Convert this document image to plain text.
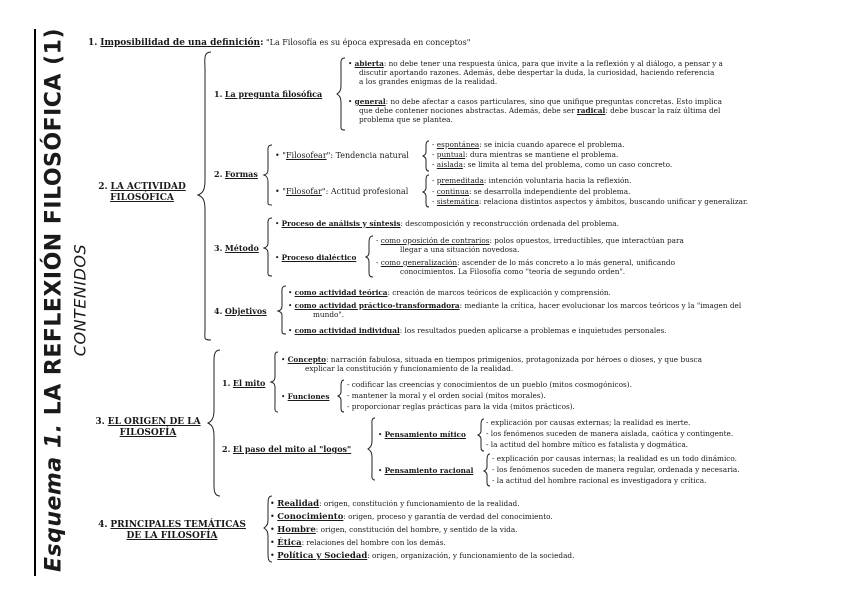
Esquema 1. LA REFLEXIÓN FILOSÓFICA (1) CONTENIDOS
1. Imposibilidad de una definición: "La Filosofía es su época expresada en conceptos"
2. LA ACTIVIDAD
FILOSÓFICA
1. La pregunta filosófica
• abierta: no debe tener una respuesta única, para que invite a la reflexión y al diálogo, a pensar y a
discutir aportando razones. Además, debe despertar la duda, la curiosidad, haciendo referencia
a los grandes enigmas de la realidad.
• general: no debe afectar a casos particulares, sino que unifique preguntas concretas. Esto implica
que debe contener nociones abstractas. Además, debe ser radical: debe buscar la raíz última del
problema que se plantea.
2. Formas
• "Filosofear": Tendencia natural
- espontánea: se inicia cuando aparece el problema.
- puntual: dura mientras se mantiene el problema.
- aislada: se limita al tema del problema, como un caso concreto.
• "Filosofar": Actitud profesional
- premeditada: intención voluntaria hacia la reflexión.
- continua: se desarrolla independiente del problema.
- sistemática: relaciona distintos aspectos y ámbitos, buscando unificar y generalizar.
3. Método
• Proceso de análisis y síntesis: descomposición y reconstrucción ordenada del problema.
• Proceso dialéctico
- como oposición de contrarios: polos opuestos, irreductibles, que interactúan para
llegar a una situación novedosa.
- como generalización: ascender de lo más concreto a lo más general, unificando
conocimientos. La Filosofía como "teoría de segundo orden".
4. Objetivos
• como actividad teórica: creación de marcos teóricos de explicación y comprensión.
• como actividad práctico-transformadora: mediante la crítica, hacer evolucionar los marcos teóricos y la "imagen del
mundo".
• como actividad individual: los resultados pueden aplicarse a problemas e inquietudes personales.
3. EL ORIGEN DE LA
FILOSOFÍA
1. El mito
• Concepto: narración fabulosa, situada en tiempos primigenios, protagonizada por héroes o dioses, y que busca
explicar la constitución y funcionamiento de la realidad.
• Funciones
- codificar las creencias y conocimientos de un pueblo (mitos cosmogónicos).
- mantener la moral y el orden social (mitos morales).
- proporcionar reglas prácticas para la vida (mitos prácticos).
2. El paso del mito al "logos"
• Pensamiento mítico
- explicación por causas externas; la realidad es inerte.
- los fenómenos suceden de manera aislada, caótica y contingente.
- la actitud del hombre mítico es fatalista y dogmática.
• Pensamiento racional
- explicación por causas internas; la realidad es un todo dinámico.
- los fenómenos suceden de manera regular, ordenada y necesaria.
- la actitud del hombre racional es investigadora y crítica.
4. PRINCIPALES TEMÁTICAS
DE LA FILOSOFÍA
• Realidad: origen, constitución y funcionamiento de la realidad.
• Conocimiento: origen, proceso y garantía de verdad del conocimiento.
• Hombre: origen, constitución del hombre, y sentido de la vida.
• Ética: relaciones del hombre con los demás.
• Política y Sociedad: origen, organización, y funcionamiento de la sociedad.
